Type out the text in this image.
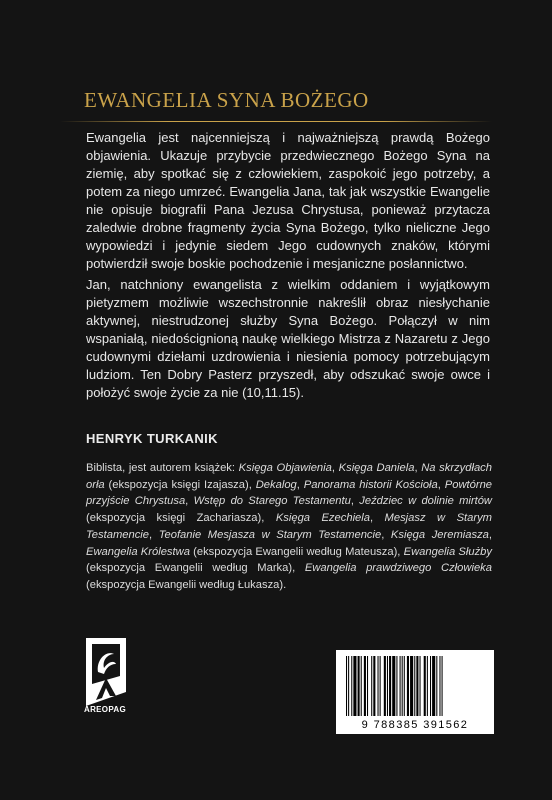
EWANGELIA SYNA BOŻEGO
Ewangelia jest najcenniejszą i najważniejszą prawdą Bożego objawienia. Ukazuje przybycie przedwiecznego Bożego Syna na ziemię, aby spotkać się z człowiekiem, zaspokoić jego potrzeby, a potem za niego umrzeć. Ewangelia Jana, tak jak wszystkie Ewangelie nie opisuje biografii Pana Jezusa Chrystusa, ponieważ przytacza zaledwie drobne fragmenty życia Syna Bożego, tylko nieliczne Jego wypowiedzi i jedynie siedem Jego cudownych znaków, którymi potwierdził swoje boskie pochodzenie i mesjaniczne posłannictwo.
Jan, natchniony ewangelista z wielkim oddaniem i wyjątkowym pietyzmem możliwie wszechstronnie nakreślił obraz niesłychanie aktywnej, niestrudzonej służby Syna Bożego. Połączył w nim wspaniałą, niedoścignioną naukę wielkiego Mistrza z Nazaretu z Jego cudownymi dziełami uzdrowienia i niesienia pomocy potrzebującym ludziom. Ten Dobry Pasterz przyszedł, aby odszukać swoje owce i położyć swoje życie za nie (10,11.15).
HENRYK TURKANIK
Biblista, jest autorem książek: Księga Objawienia, Księga Daniela, Na skrzydłach orła (ekspozycja księgi Izajasza), Dekalog, Panorama historii Kościoła, Powtórne przyjście Chrystusa, Wstęp do Starego Testamentu, Jeździec w dolinie mirtów (ekspozycja księgi Zachariasza), Księga Ezechiela, Mesjasz w Starym Testamencie, Teofanie Mesjasza w Starym Testamencie, Księga Jeremiasza, Ewangelia Królestwa (ekspozycja Ewangelii według Mateusza), Ewangelia Służby (ekspozycja Ewangelii według Marka), Ewangelia prawdziwego Człowieka (ekspozycja Ewangelii według Łukasza).
AREOPAG
9 788385 391562
